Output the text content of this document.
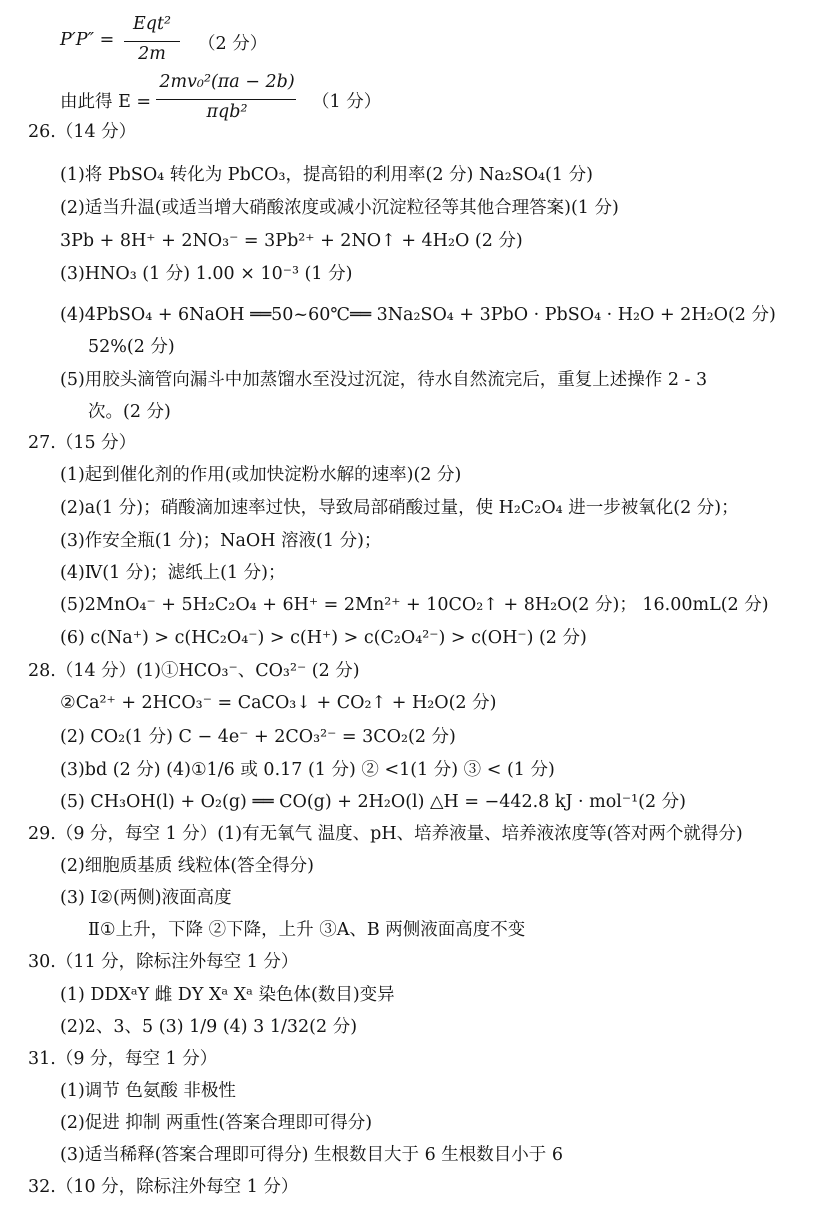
P′P″ =
Eqt²
2m	（2 分）
由此得 E =
2mv₀²(πa − 2b)
πqb²	（1 分）
26.（14 分）
(1)将 PbSO₄ 转化为 PbCO₃，提高铅的利用率(2 分) Na₂SO₄(1 分)
(2)适当升温(或适当增大硝酸浓度或减小沉淀粒径等其他合理答案)(1 分)
3Pb + 8H⁺ + 2NO₃⁻ = 3Pb²⁺ + 2NO↑ + 4H₂O (2 分)
(3)HNO₃ (1 分) 1.00 × 10⁻³ (1 分)
(4)4PbSO₄ + 6NaOH ══50~60℃══ 3Na₂SO₄ + 3PbO · PbSO₄ · H₂O + 2H₂O(2 分)
52%(2 分)
(5)用胶头滴管向漏斗中加蒸馏水至没过沉淀，待水自然流完后，重复上述操作 2 - 3
次。(2 分)
27.（15 分）
(1)起到催化剂的作用(或加快淀粉水解的速率)(2 分)
(2)a(1 分)；硝酸滴加速率过快，导致局部硝酸过量，使 H₂C₂O₄ 进一步被氧化(2 分)；
(3)作安全瓶(1 分)；NaOH 溶液(1 分)；
(4)Ⅳ(1 分)；滤纸上(1 分)；
(5)2MnO₄⁻ + 5H₂C₂O₄ + 6H⁺ = 2Mn²⁺ + 10CO₂↑ + 8H₂O(2 分)； 16.00mL(2 分)
(6) c(Na⁺) > c(HC₂O₄⁻) > c(H⁺) > c(C₂O₄²⁻) > c(OH⁻) (2 分)
28.（14 分）(1)①HCO₃⁻、CO₃²⁻ (2 分)
②Ca²⁺ + 2HCO₃⁻ = CaCO₃↓ + CO₂↑ + H₂O(2 分)
(2) CO₂(1 分) C − 4e⁻ + 2CO₃²⁻ = 3CO₂(2 分)
(3)bd (2 分) (4)①1/6 或 0.17 (1 分) ② <1(1 分) ③ < (1 分)
(5) CH₃OH(l) + O₂(g) ══ CO(g) + 2H₂O(l) △H = −442.8 kJ · mol⁻¹(2 分)
29.（9 分，每空 1 分）(1)有无氧气 温度、pH、培养液量、培养液浓度等(答对两个就得分)
(2)细胞质基质 线粒体(答全得分)
(3) Ⅰ②(两侧)液面高度
Ⅱ①上升，下降 ②下降，上升 ③A、B 两侧液面高度不变
30.（11 分，除标注外每空 1 分）
(1) DDXᵃY 雌 DY Xᵃ Xᵃ 染色体(数目)变异
(2)2、3、5 (3) 1/9 (4) 3 1/32(2 分)
31.（9 分，每空 1 分）
(1)调节 色氨酸 非极性
(2)促进 抑制 两重性(答案合理即可得分)
(3)适当稀释(答案合理即可得分) 生根数目大于 6 生根数目小于 6
32.（10 分，除标注外每空 1 分）
